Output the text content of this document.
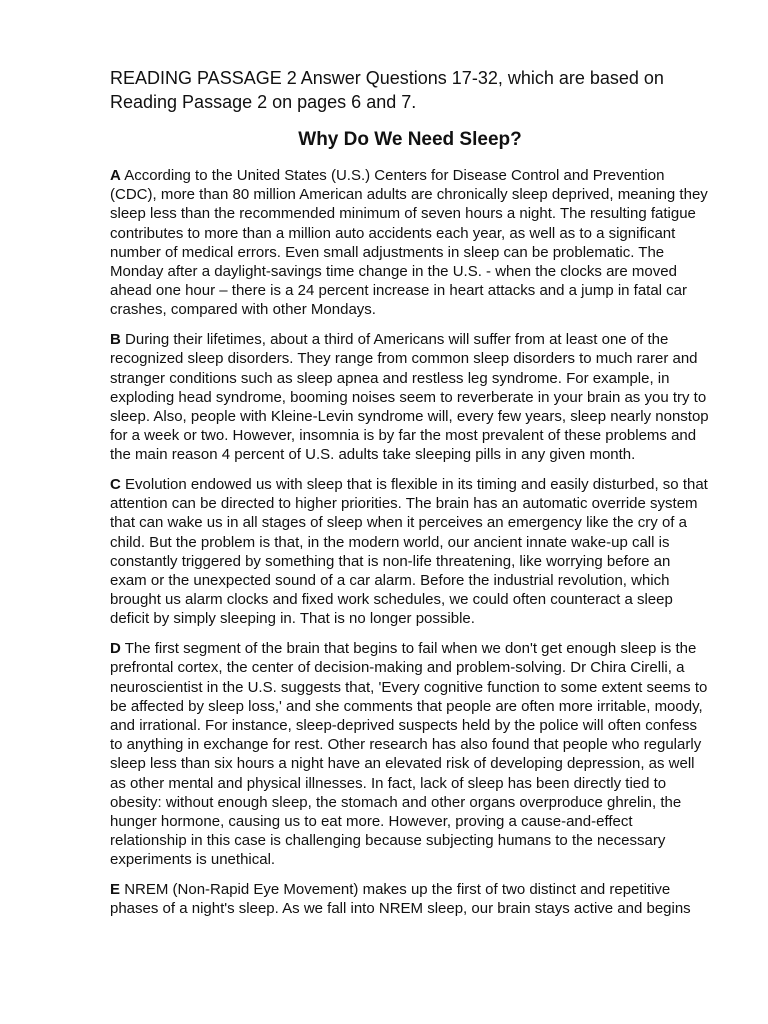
READING PASSAGE 2 Answer Questions 17-32, which are based on Reading Passage 2 on pages 6 and 7.

Why Do We Need Sleep?

A According to the United States (U.S.) Centers for Disease Control and Prevention (CDC), more than 80 million American adults are chronically sleep deprived, meaning they sleep less than the recommended minimum of seven hours a night. The resulting fatigue contributes to more than a million auto accidents each year, as well as to a significant number of medical errors. Even small adjustments in sleep can be problematic. The Monday after a daylight-savings time change in the U.S. - when the clocks are moved ahead one hour – there is a 24 percent increase in heart attacks and a jump in fatal car crashes, compared with other Mondays.

B During their lifetimes, about a third of Americans will suffer from at least one of the recognized sleep disorders. They range from common sleep disorders to much rarer and stranger conditions such as sleep apnea and restless leg syndrome. For example, in exploding head syndrome, booming noises seem to reverberate in your brain as you try to sleep. Also, people with Kleine-Levin syndrome will, every few years, sleep nearly nonstop for a week or two. However, insomnia is by far the most prevalent of these problems and the main reason 4 percent of U.S. adults take sleeping pills in any given month.

C Evolution endowed us with sleep that is flexible in its timing and easily disturbed, so that attention can be directed to higher priorities. The brain has an automatic override system that can wake us in all stages of sleep when it perceives an emergency like the cry of a child. But the problem is that, in the modern world, our ancient innate wake-up call is constantly triggered by something that is non-life threatening, like worrying before an exam or the unexpected sound of a car alarm. Before the industrial revolution, which brought us alarm clocks and fixed work schedules, we could often counteract a sleep deficit by simply sleeping in. That is no longer possible.

D The first segment of the brain that begins to fail when we don't get enough sleep is the prefrontal cortex, the center of decision-making and problem-solving. Dr Chira Cirelli, a neuroscientist in the U.S. suggests that, 'Every cognitive function to some extent seems to be affected by sleep loss,' and she comments that people are often more irritable, moody, and irrational. For instance, sleep-deprived suspects held by the police will often confess to anything in exchange for rest. Other research has also found that people who regularly sleep less than six hours a night have an elevated risk of developing depression, as well as other mental and physical illnesses. In fact, lack of sleep has been directly tied to obesity: without enough sleep, the stomach and other organs overproduce ghrelin, the hunger hormone, causing us to eat more. However, proving a cause-and-effect relationship in this case is challenging because subjecting humans to the necessary experiments is unethical.

E NREM (Non-Rapid Eye Movement) makes up the first of two distinct and repetitive phases of a night's sleep. As we fall into NREM sleep, our brain stays active and begins
